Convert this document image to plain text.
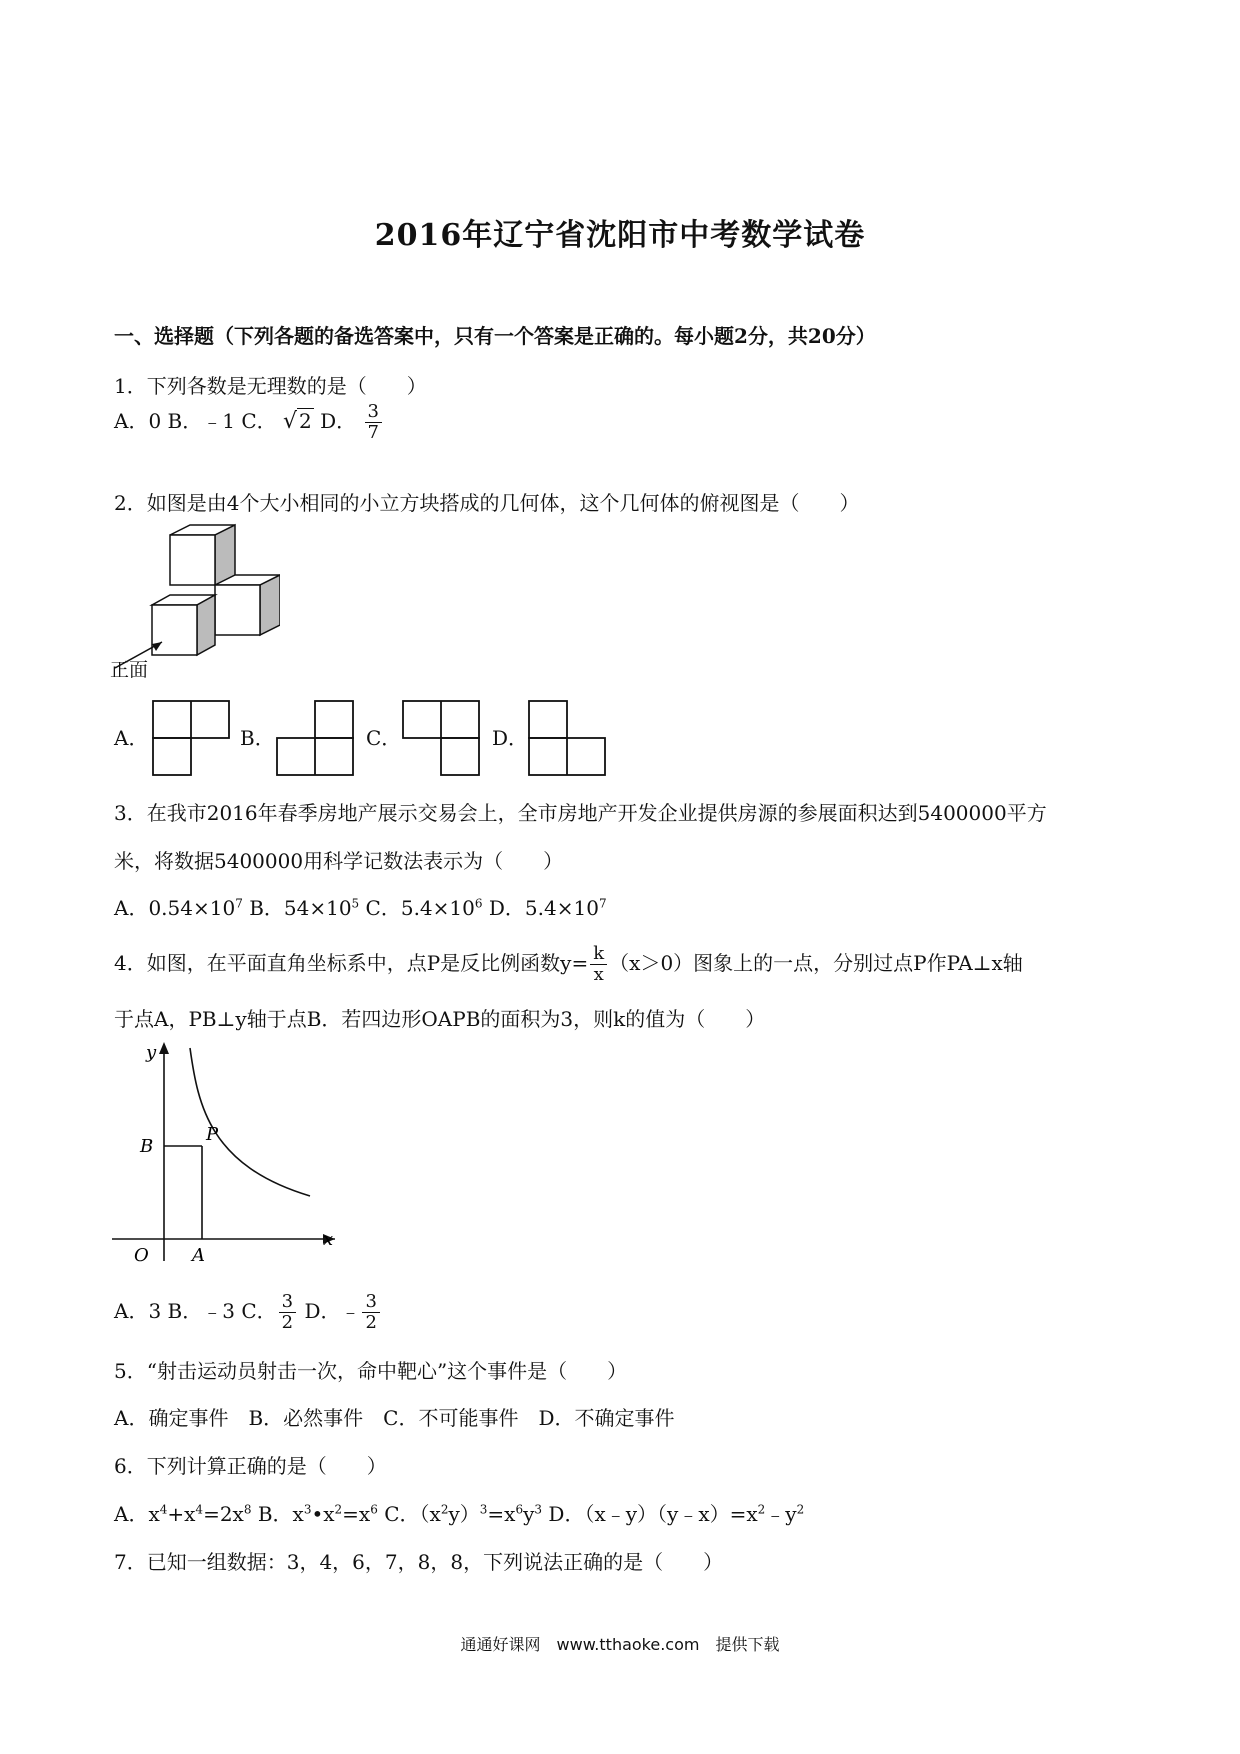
2016年辽宁省沈阳市中考数学试卷
一、选择题（下列各题的备选答案中，只有一个答案是正确的。每小题2分，共20分）
1．下列各数是无理数的是（　　）
A．0 B．﹣1 C． √ 2 D． $\frac{3}{7}$
2．如图是由4个大小相同的小立方块搭成的几何体，这个几何体的俯视图是（　　）
正面
A．	B．	C．	D．
3．在我市2016年春季房地产展示交易会上，全市房地产开发企业提供房源的参展面积达到5400000平方
米，将数据5400000用科学记数法表示为（　　）
A．$0.54\times 10^7$ B．$54\times 10^5$ C．$5.4\times 10^6$ D．$5.4\times 10^7$
4．如图，在平面直角坐标系中，点P是反比例函数$y= \frac{k}{x} (x>0)$图象上的一点，分别过点P作PA⊥x轴
于点A，PB⊥y轴于点B．若四边形OAPB的面积为3，则k的值为（　　）
y
x
O A
B
P
A．3 B．﹣3 C． $\frac{3}{2}$ D．﹣ $\frac{3}{2}$
5．“射击运动员射击一次，命中靶心”这个事件是（　　）
A．确定事件　B．必然事件　C．不可能事件　D．不确定事件
6．下列计算正确的是（　　）
A．$x^4+x^4=2x^8$ B．$x^3•x^2=x^6$ C．$(x^2y)^3=x^6y^3$ D．$(x﹣y)(y﹣x)=x^2﹣y^2$
7．已知一组数据：3，4，6，7，8，8，下列说法正确的是（　　）
通通好课网　www.tthaoke.com　提供下载
